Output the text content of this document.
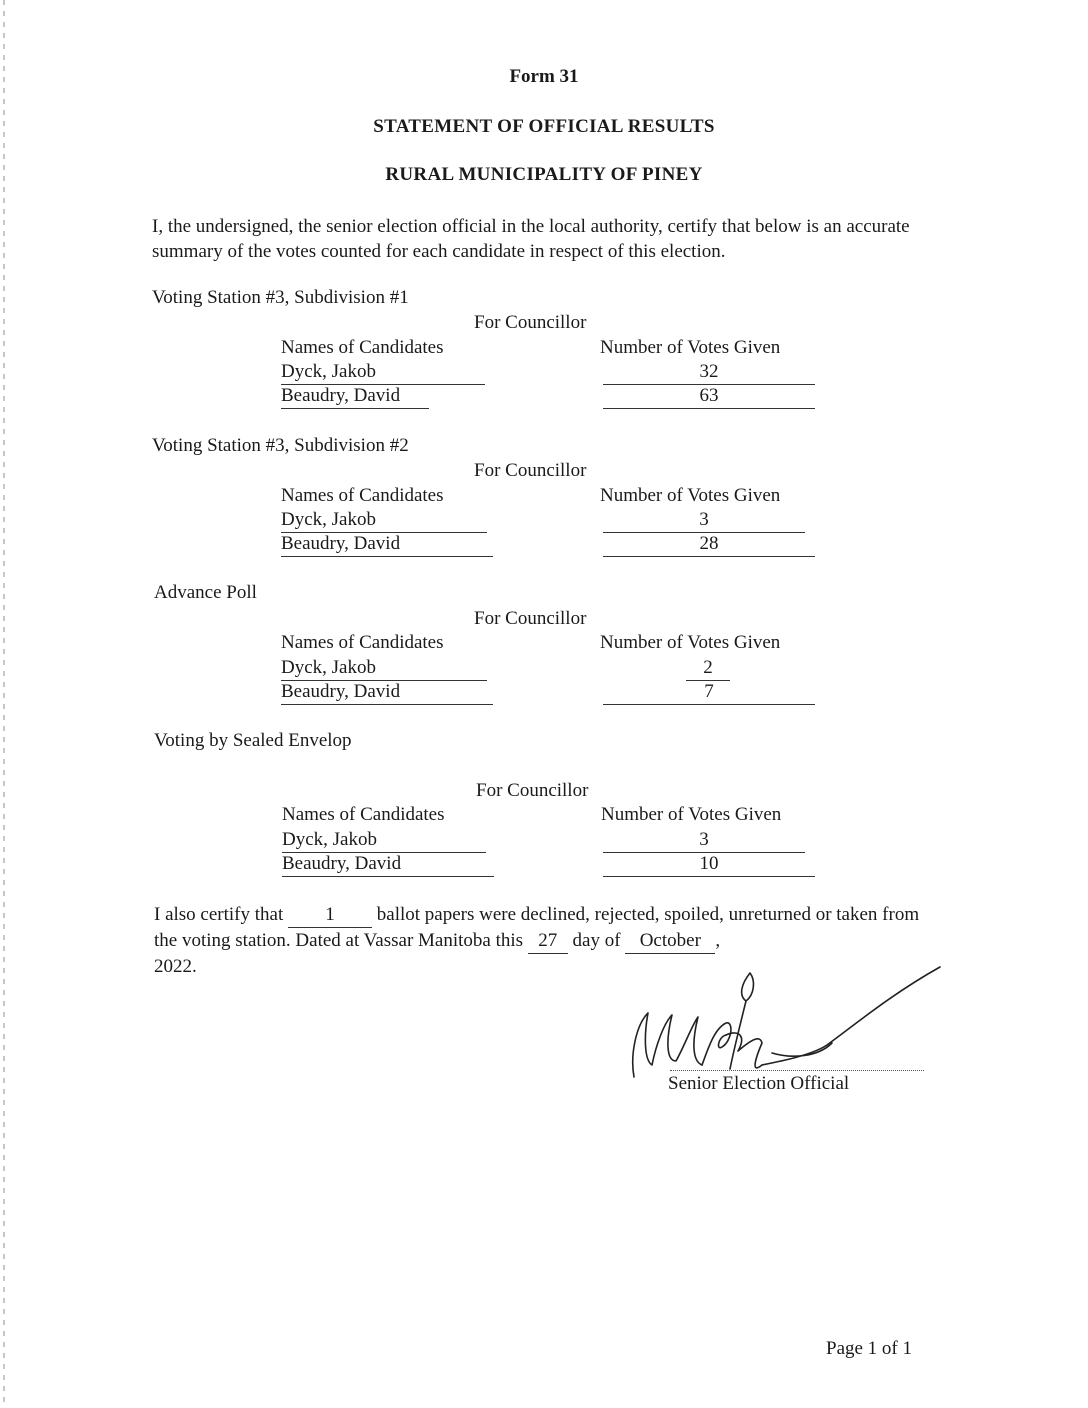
Form 31
STATEMENT OF OFFICIAL RESULTS
RURAL MUNICIPALITY OF PINEY
I, the undersigned, the senior election official in the local authority, certify that below is an accurate summary of the votes counted for each candidate in respect of this election.
Voting Station #3, Subdivision #1
For Councillor
Names of Candidates	Number of Votes Given
Dyck, Jakob	32
Beaudry, David	63
Voting Station #3, Subdivision #2
For Councillor
Names of Candidates	Number of Votes Given
Dyck, Jakob	3
Beaudry, David	28
Advance Poll
For Councillor
Names of Candidates	Number of Votes Given
Dyck, Jakob	2
Beaudry, David	7
Voting by Sealed Envelop
For Councillor
Names of Candidates	Number of Votes Given
Dyck, Jakob	3
Beaudry, David	10
I also certify that 1 ballot papers were declined, rejected, spoiled, unreturned or taken from the voting station. Dated at Vassar Manitoba this 27 day of October ,
2022.
Senior Election Official
Page 1 of 1
